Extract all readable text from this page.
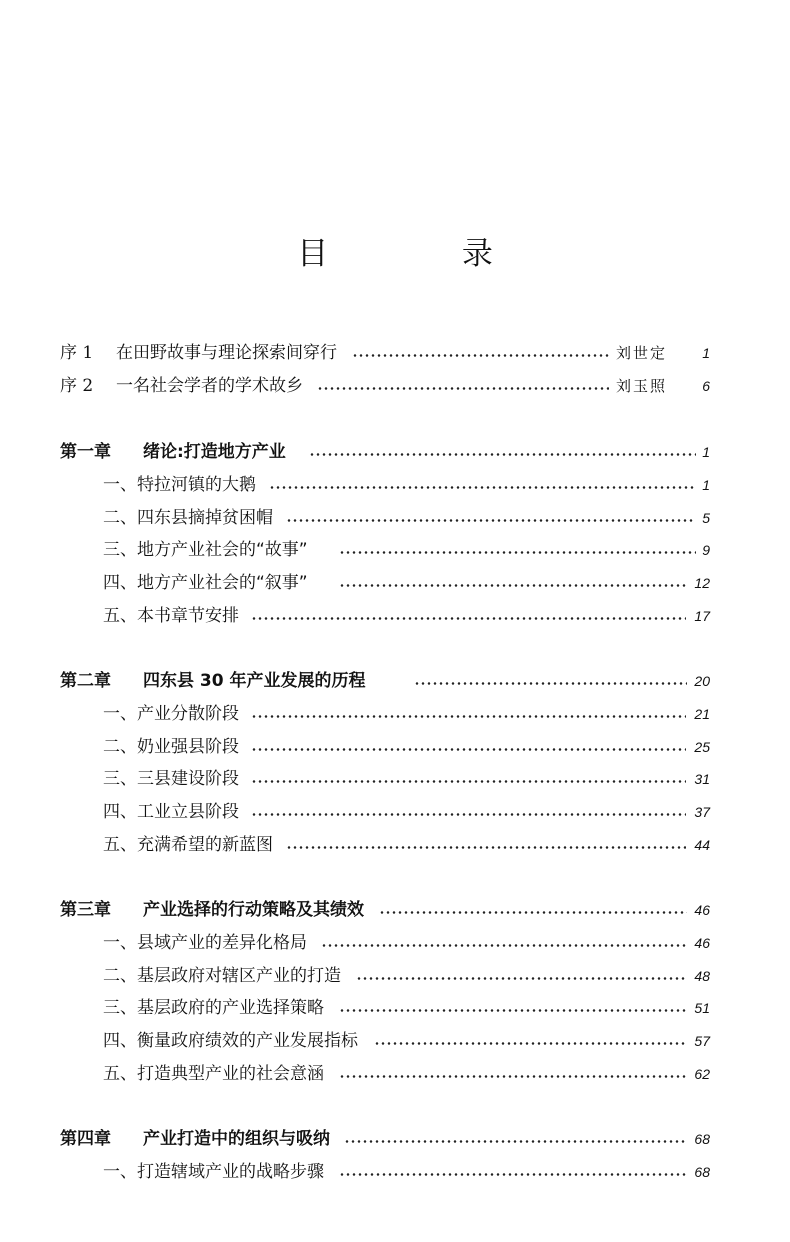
目 录
序 1 在田野故事与理论探索间穿行	刘世定	1
序 2 一名社会学者的学术故乡	刘玉照	6
第一章 绪论:打造地方产业	1
一、特拉河镇的大鹅	1
二、四东县摘掉贫困帽	5
三、地方产业社会的“故事”	9
四、地方产业社会的“叙事”	12
五、本书章节安排	17
第二章 四东县 30 年产业发展的历程	20
一、产业分散阶段	21
二、奶业强县阶段	25
三、三县建设阶段	31
四、工业立县阶段	37
五、充满希望的新蓝图	44
第三章 产业选择的行动策略及其绩效	46
一、县域产业的差异化格局	46
二、基层政府对辖区产业的打造	48
三、基层政府的产业选择策略	51
四、衡量政府绩效的产业发展指标	57
五、打造典型产业的社会意涵	62
第四章 产业打造中的组织与吸纳	68
一、打造辖域产业的战略步骤	68
